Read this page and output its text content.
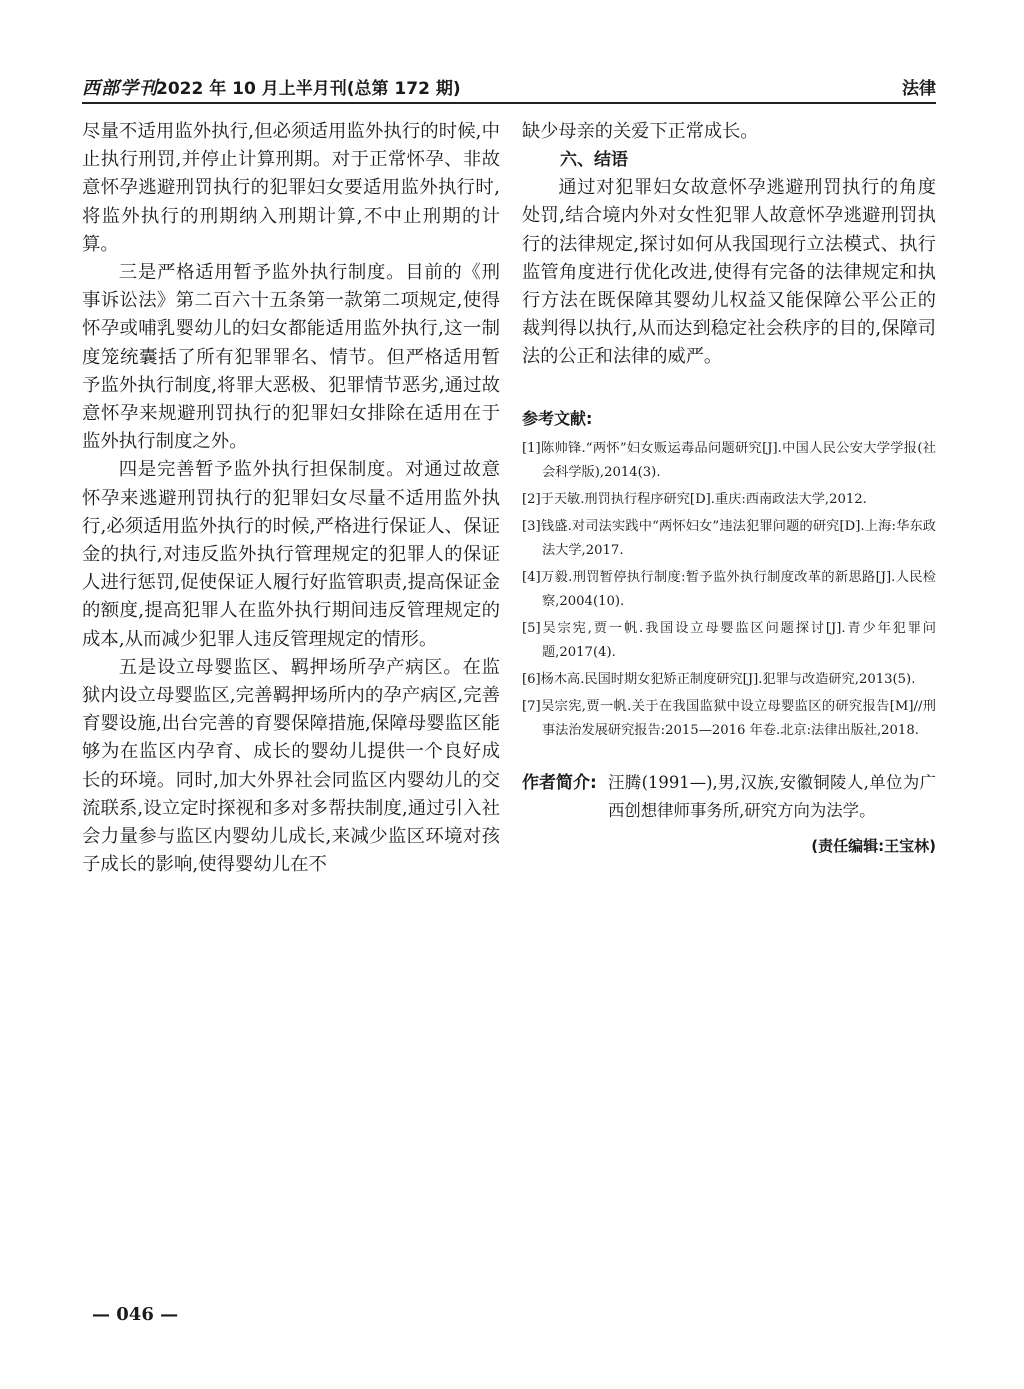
西部学刊
2022 年 10 月上半月刊(总第 172 期)	法律

尽量不适用监外执行,但必须适用监外执行的时候,中止执行刑罚,并停止计算刑期。对于正常怀孕、非故意怀孕逃避刑罚执行的犯罪妇女要适用监外执行时,将监外执行的刑期纳入刑期计算,不中止刑期的计算。

三是严格适用暂予监外执行制度。目前的《刑事诉讼法》第二百六十五条第一款第二项规定,使得怀孕或哺乳婴幼儿的妇女都能适用监外执行,这一制度笼统囊括了所有犯罪罪名、情节。但严格适用暂予监外执行制度,将罪大恶极、犯罪情节恶劣,通过故意怀孕来规避刑罚执行的犯罪妇女排除在适用在于监外执行制度之外。

四是完善暂予监外执行担保制度。对通过故意怀孕来逃避刑罚执行的犯罪妇女尽量不适用监外执行,必须适用监外执行的时候,严格进行保证人、保证金的执行,对违反监外执行管理规定的犯罪人的保证人进行惩罚,促使保证人履行好监管职责,提高保证金的额度,提高犯罪人在监外执行期间违反管理规定的成本,从而减少犯罪人违反管理规定的情形。

五是设立母婴监区、羁押场所孕产病区。在监狱内设立母婴监区,完善羁押场所内的孕产病区,完善育婴设施,出台完善的育婴保障措施,保障母婴监区能够为在监区内孕育、成长的婴幼儿提供一个良好成长的环境。同时,加大外界社会同监区内婴幼儿的交流联系,设立定时探视和多对多帮扶制度,通过引入社会力量参与监区内婴幼儿成长,来减少监区环境对孩子成长的影响,使得婴幼儿在不

缺少母亲的关爱下正常成长。

六、结语

通过对犯罪妇女故意怀孕逃避刑罚执行的角度处罚,结合境内外对女性犯罪人故意怀孕逃避刑罚执行的法律规定,探讨如何从我国现行立法模式、执行监管角度进行优化改进,使得有完备的法律规定和执行方法在既保障其婴幼儿权益又能保障公平公正的裁判得以执行,从而达到稳定社会秩序的目的,保障司法的公正和法律的威严。

参考文献:

[1]陈帅锋.“两怀”妇女贩运毒品问题研究[J].中国人民公安大学学报(社会科学版),2014(3).

[2]于天敏.刑罚执行程序研究[D].重庆:西南政法大学,2012.

[3]钱盛.对司法实践中“两怀妇女”违法犯罪问题的研究[D].上海:华东政法大学,2017.

[4]万毅.刑罚暂停执行制度:暂予监外执行制度改革的新思路[J].人民检察,2004(10).

[5]吴宗宪,贾一帆.我国设立母婴监区问题探讨[J].青少年犯罪问题,2017(4).

[6]杨木高.民国时期女犯矫正制度研究[J].犯罪与改造研究,2013(5).

[7]吴宗宪,贾一帆.关于在我国监狱中设立母婴监区的研究报告[M]//刑事法治发展研究报告:2015—2016 年卷.北京:法律出版社,2018.

作者简介: 汪腾(1991—),男,汉族,安徽铜陵人,单位为广西创想律师事务所,研究方向为法学。
(责任编辑:王宝林)
— 046 —
